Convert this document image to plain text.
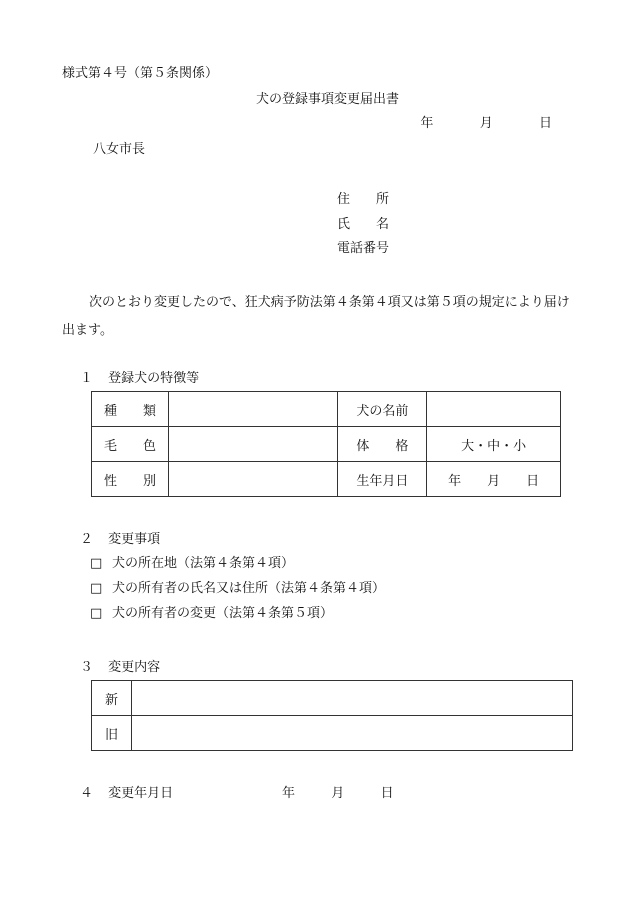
様式第４号（第５条関係）
犬の登録事項変更届出書
年	月	日
八女市長
住　　所
氏　　名
電話番号
次のとおり変更したので、狂犬病予防法第４条第４項又は第５項の規定により届け出ます。
１ 登録犬の特徴等
種　　類		犬の名前	
毛　　色		体　　格	大・中・小
性　　別		生年月日	年　　月　　日
２ 変更事項
□ 犬の所在地（法第４条第４項）
□ 犬の所有者の氏名又は住所（法第４条第４項）
□ 犬の所有者の変更（法第４条第５項）
３ 変更内容
新	
旧	
４ 変更年月日	年	月	日
